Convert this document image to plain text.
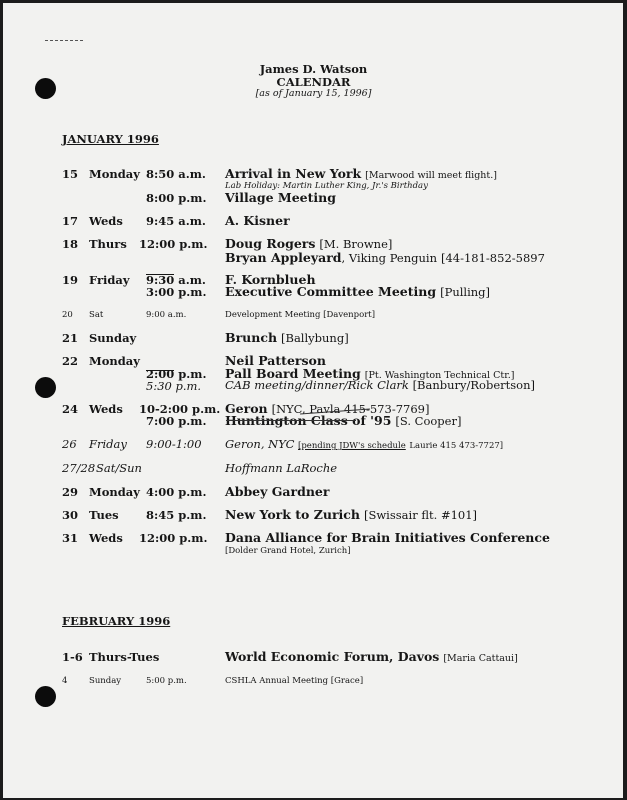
James D. Watson
CALENDAR
[as of January 15, 1996]
JANUARY 1996
15 Monday 8:50 a.m. Arrival in New York [Marwood will meet flight.]
Lab Holiday: Martin Luther King, Jr.'s Birthday
8:00 p.m. Village Meeting
17 Weds 9:45 a.m. A. Kisner
18 Thurs 12:00 p.m. Doug Rogers [M. Browne]
Bryan Appleyard, Viking Penguin [44-181-852-5897
19 Friday 9:30 a.m. F. Kornblueh
3:00 p.m. Executive Committee Meeting [Pulling]
20 Sat	9:00 a.m.	Development Meeting [Davenport]
21 Sunday	Brunch [Ballybung]
22 Monday	Neil Patterson
2:00 p.m. Pall Board Meeting [Pt. Washington Technical Ctr.]
5:30 p.m. CAB meeting/dinner/Rick Clark [Banbury/Robertson]
24 Weds 10-2:00 p.m. Geron [NYC, Pavla 415-573-7769]
7:00 p.m. Huntington Class of '95 [S. Cooper]
26 Friday 9:00-1:00 Geron, NYC [pending JDW's schedule Laurie 415 473-7727]
27/28 Sat/Sun	Hoffmann LaRoche
29 Monday 4:00 p.m. Abbey Gardner
30 Tues 8:45 p.m. New York to Zurich [Swissair flt. #101]
31 Weds 12:00 p.m. Dana Alliance for Brain Initiatives Conference
[Dolder Grand Hotel, Zurich]
FEBRUARY 1996
1-6 Thurs-Tues	World Economic Forum, Davos [Maria Cattaui]
4	Sunday	5:00 p.m.	CSHLA Annual Meeting [Grace]
